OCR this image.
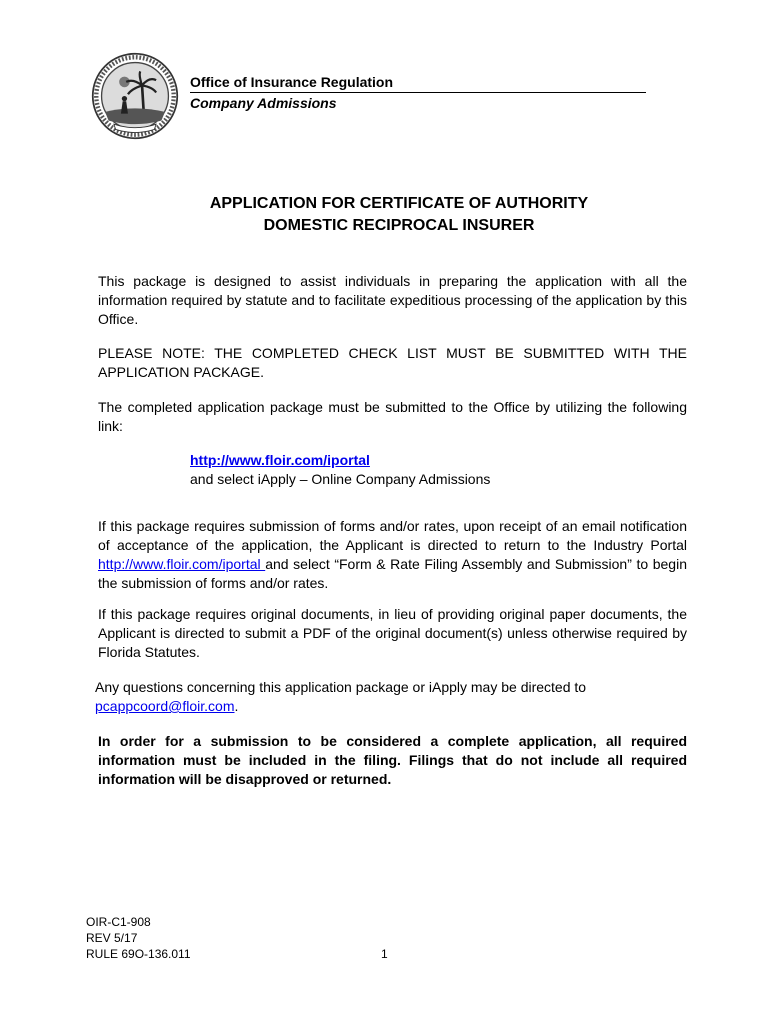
Office of Insurance Regulation
Company Admissions
APPLICATION FOR CERTIFICATE OF AUTHORITY
DOMESTIC RECIPROCAL INSURER
This package is designed to assist individuals in preparing the application with all the information required by statute and to facilitate expeditious processing of the application by this Office.
PLEASE NOTE: THE COMPLETED CHECK LIST MUST BE SUBMITTED WITH THE APPLICATION PACKAGE.
The completed application package must be submitted to the Office by utilizing the following link:
http://www.floir.com/iportal
and select iApply – Online Company Admissions
If this package requires submission of forms and/or rates, upon receipt of an email notification of acceptance of the application, the Applicant is directed to return to the Industry Portal http://www.floir.com/iportal and select “Form & Rate Filing Assembly and Submission” to begin the submission of forms and/or rates.
If this package requires original documents, in lieu of providing original paper documents, the Applicant is directed to submit a PDF of the original document(s) unless otherwise required by Florida Statutes.
Any questions concerning this application package or iApply may be directed to pcappcoord@floir.com.
In order for a submission to be considered a complete application, all required information must be included in the filing. Filings that do not include all required information will be disapproved or returned.
OIR-C1-908
REV 5/17
RULE 69O-136.011	1
